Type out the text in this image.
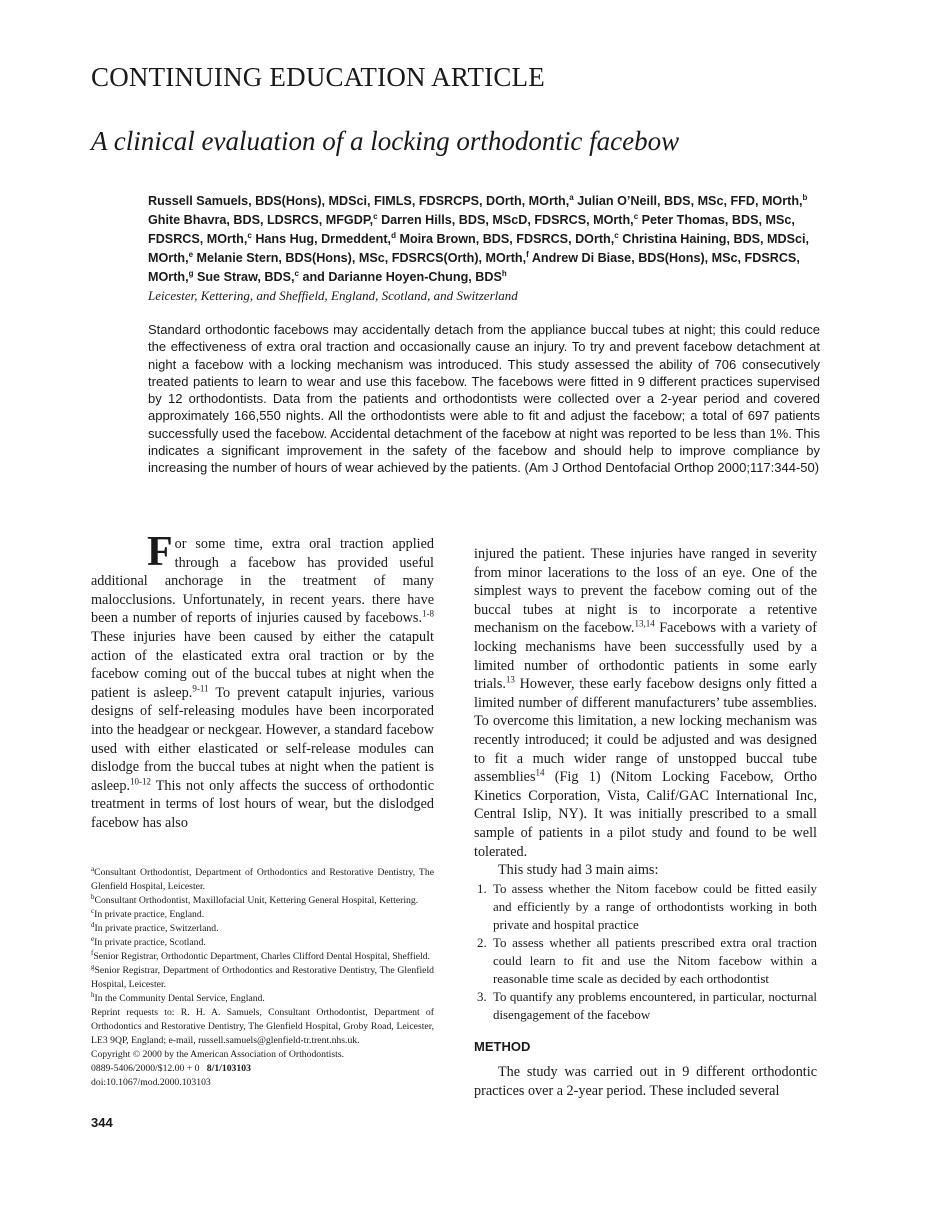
CONTINUING EDUCATION ARTICLE
A clinical evaluation of a locking orthodontic facebow
Russell Samuels, BDS(Hons), MDSci, FIMLS, FDSRCPS, DOrth, MOrth,$^a$ Julian O’Neill, BDS, MSc, FFD, MOrth,$^b$ Ghite Bhavra, BDS, LDSRCS, MFGDP,$^c$ Darren Hills, BDS, MScD, FDSRCS, MOrth,$^c$ Peter Thomas, BDS, MSc, FDSRCS, MOrth,$^c$ Hans Hug, Drmeddent,$^d$ Moira Brown, BDS, FDSRCS, DOrth,$^c$ Christina Haining, BDS, MDSci, MOrth,$^e$ Melanie Stern, BDS(Hons), MSc, FDSRCS(Orth), MOrth,$^f$ Andrew Di Biase, BDS(Hons), MSc, FDSRCS, MOrth,$^g$ Sue Straw, BDS,$^c$ and Darianne Hoyen-Chung, BDS$^h$
Leicester, Kettering, and Sheffield, England, Scotland, and Switzerland
Standard orthodontic facebows may accidentally detach from the appliance buccal tubes at night; this could reduce the effectiveness of extra oral traction and occasionally cause an injury. To try and prevent facebow detachment at night a facebow with a locking mechanism was introduced. This study assessed the ability of 706 consecutively treated patients to learn to wear and use this facebow. The facebows were fitted in 9 different practices supervised by 12 orthodontists. Data from the patients and orthodontists were collected over a 2-year period and covered approximately 166,550 nights. All the orthodontists were able to fit and adjust the facebow; a total of 697 patients successfully used the facebow. Accidental detachment of the facebow at night was reported to be less than 1%. This indicates a significant improvement in the safety of the facebow and should help to improve compliance by increasing the number of hours of wear achieved by the patients. (Am J Orthod Dentofacial Orthop 2000;117:344-50)

For some time, extra oral traction applied through a facebow has provided useful additional anchorage in the treatment of many malocclusions. Unfortunately, in recent years. there have been a number of reports of injuries caused by facebows.$^{1-8}$ These injuries have been caused by either the catapult action of the elasticated extra oral traction or by the facebow coming out of the buccal tubes at night when the patient is asleep.$^{9-11}$ To prevent catapult injuries, various designs of self-releasing modules have been incorporated into the headgear or neckgear. However, a standard facebow used with either elasticated or self-release modules can dislodge from the buccal tubes at night when the patient is asleep.$^{10-12}$ This not only affects the success of orthodontic treatment in terms of lost hours of wear, but the dislodged facebow has also

injured the patient. These injuries have ranged in severity from minor lacerations to the loss of an eye. One of the simplest ways to prevent the facebow coming out of the buccal tubes at night is to incorporate a retentive mechanism on the facebow.$^{13,14}$ Facebows with a variety of locking mechanisms have been successfully used by a limited number of orthodontic patients in some early trials.$^{13}$ However, these early facebow designs only fitted a limited number of different manufacturers’ tube assemblies. To overcome this limitation, a new locking mechanism was recently introduced; it could be adjusted and was designed to fit a much wider range of unstopped buccal tube assemblies$^{14}$ (Fig 1) (Nitom Locking Facebow, Ortho Kinetics Corporation, Vista, Calif/GAC International Inc, Central Islip, NY). It was initially prescribed to a small sample of patients in a pilot study and found to be well tolerated.

This study had 3 main aims:

1. To assess whether the Nitom facebow could be fitted easily and efficiently by a range of orthodontists working in both private and hospital practice
2. To assess whether all patients prescribed extra oral traction could learn to fit and use the Nitom facebow within a reasonable time scale as decided by each orthodontist
3. To quantify any problems encountered, in particular, nocturnal disengagement of the facebow
METHOD

The study was carried out in 9 different orthodontic practices over a 2-year period. These included several

$^a$Consultant Orthodontist, Department of Orthodontics and Restorative Dentistry, The Glenfield Hospital, Leicester.
$^b$Consultant Orthodontist, Maxillofacial Unit, Kettering General Hospital, Kettering.
$^c$In private practice, England.
$^d$In private practice, Switzerland.
$^e$In private practice, Scotland.
$^f$Senior Registrar, Orthodontic Department, Charles Clifford Dental Hospital, Sheffield.
$^g$Senior Registrar, Department of Orthodontics and Restorative Dentistry, The Glenfield Hospital, Leicester.
$^h$In the Community Dental Service, England.
Reprint requests to: R. H. A. Samuels, Consultant Orthodontist, Department of Orthodontics and Restorative Dentistry, The Glenfield Hospital, Groby Road, Leicester, LE3 9QP, England; e-mail, russell.samuels@glenfield-tr.trent.nhs.uk.
Copyright © 2000 by the American Association of Orthodontists.
0889-5406/2000/$12.00 + 0 8/1/103103
doi:10.1067/mod.2000.103103
344
